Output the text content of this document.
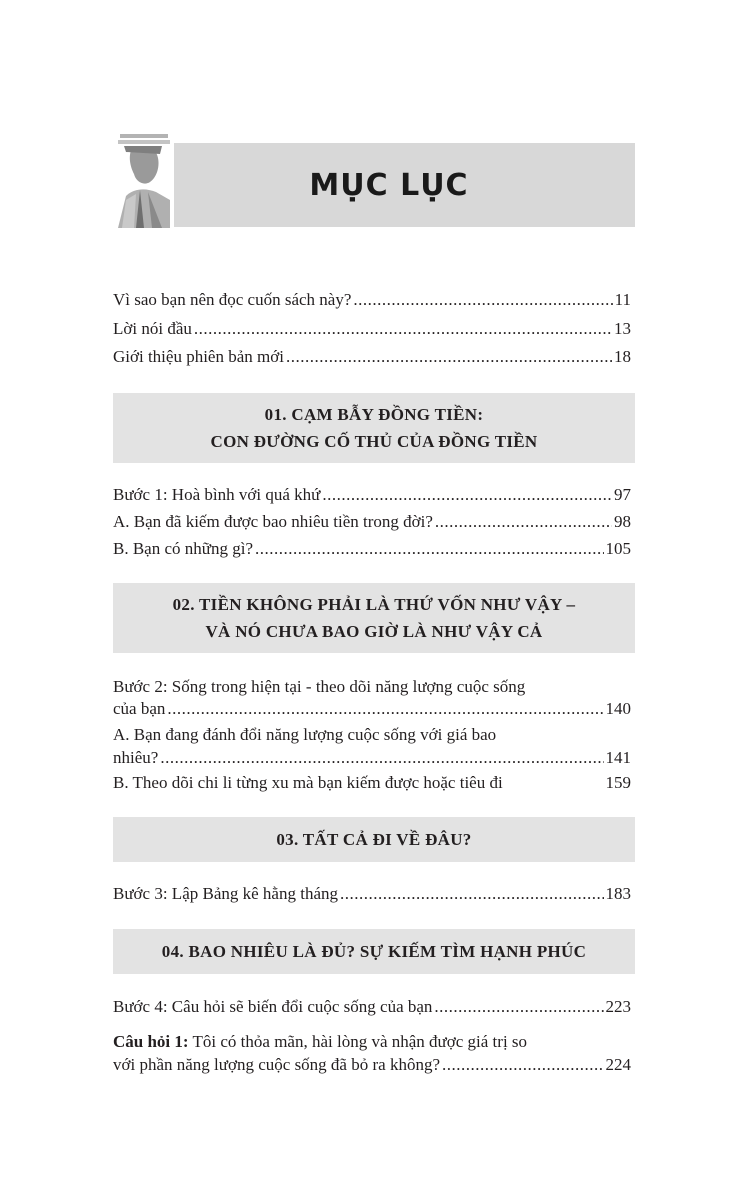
MỤC LỤC
Vì sao bạn nên đọc cuốn sách này? .....	11
Lời nói đầu .....	13
Giới thiệu phiên bản mới .....	18
01. CẠM BẪY ĐỒNG TIỀN:
CON ĐƯỜNG CỐ THỦ CỦA ĐỒNG TIỀN
Bước 1: Hoà bình với quá khứ .....	97
A. Bạn đã kiếm được bao nhiêu tiền trong đời? .....	98
B. Bạn có những gì? .....	105
02. TIỀN KHÔNG PHẢI LÀ THỨ VỐN NHƯ VẬY –
VÀ NÓ CHƯA BAO GIỜ LÀ NHƯ VẬY CẢ
Bước 2: Sống trong hiện tại - theo dõi năng lượng cuộc sống
của bạn .....	140
A. Bạn đang đánh đổi năng lượng cuộc sống với giá bao
nhiêu? .....	141
B. Theo dõi chi li từng xu mà bạn kiếm được hoặc tiêu đi	159
03. TẤT CẢ ĐI VỀ ĐÂU?
Bước 3: Lập Bảng kê hằng tháng .....	183
04. BAO NHIÊU LÀ ĐỦ? SỰ KIẾM TÌM HẠNH PHÚC
Bước 4: Câu hỏi sẽ biến đổi cuộc sống của bạn .....	223
Câu hỏi 1: Tôi có thỏa mãn, hài lòng và nhận được giá trị so
với phần năng lượng cuộc sống đã bỏ ra không? .....	224
